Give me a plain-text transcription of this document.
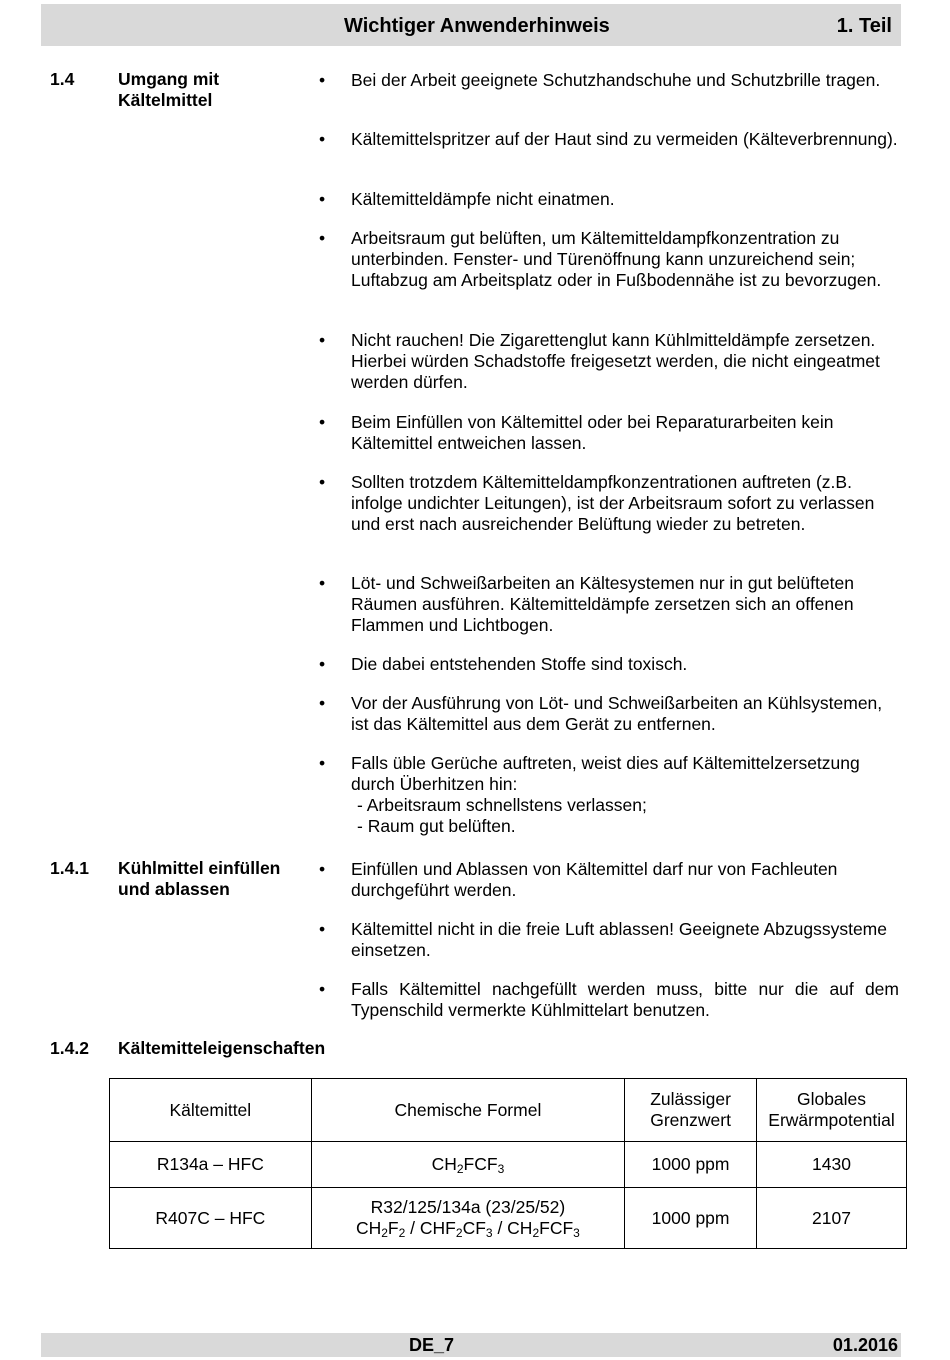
Wichtiger Anwenderhinweis	1. Teil
1.4 Umgang mit
Kältelmittel
• Bei der Arbeit geeignete Schutzhandschuhe und Schutzbrille tragen.
• Kältemittelspritzer auf der Haut sind zu vermeiden (Kälteverbrennung).
• Kältemitteldämpfe nicht einatmen.
• Arbeitsraum gut belüften, um Kältemitteldampfkonzentration zu unterbinden. Fenster- und Türenöffnung kann unzureichend sein; Luftabzug am Arbeitsplatz oder in Fußbodennähe ist zu bevorzugen.
• Nicht rauchen! Die Zigarettenglut kann Kühlmitteldämpfe zersetzen. Hierbei würden Schadstoffe freigesetzt werden, die nicht eingeatmet werden dürfen.
• Beim Einfüllen von Kältemittel oder bei Reparaturarbeiten kein Kältemittel entweichen lassen.
• Sollten trotzdem Kältemitteldampfkonzentrationen auftreten (z.B. infolge undichter Leitungen), ist der Arbeitsraum sofort zu verlassen und erst nach ausreichender Belüftung wieder zu betreten.
• Löt- und Schweißarbeiten an Kältesystemen nur in gut belüfteten Räumen ausführen. Kältemitteldämpfe zersetzen sich an offenen Flammen und Lichtbogen.
• Die dabei entstehenden Stoffe sind toxisch.
• Vor der Ausführung von Löt- und Schweißarbeiten an Kühlsystemen, ist das Kältemittel aus dem Gerät zu entfernen.
• Falls üble Gerüche auftreten, weist dies auf Kältemittelzersetzung durch Überhitzen hin:
- Arbeitsraum schnellstens verlassen;
- Raum gut belüften.
1.4.1 Kühlmittel einfüllen
und ablassen
• Einfüllen und Ablassen von Kältemittel darf nur von Fachleuten durchgeführt werden.
• Kältemittel nicht in die freie Luft ablassen! Geeignete Abzugssysteme einsetzen.
• Falls Kältemittel nachgefüllt werden muss, bitte nur die auf dem Typenschild vermerkte Kühlmittelart benutzen.
1.4.2 Kältemitteleigenschaften
Kältemittel	Chemische Formel	Zulässiger Grenzwert	Globales Erwärmpotential
R134a – HFC	$CH_2FCF_3$	1000 ppm	1430
R407C – HFC	R32/125/134a (23/25/52)
$CH_2F_2 / CHF_2CF_3 / CH_2FCF_3$	1000 ppm	2107
DE_7	01.2016
